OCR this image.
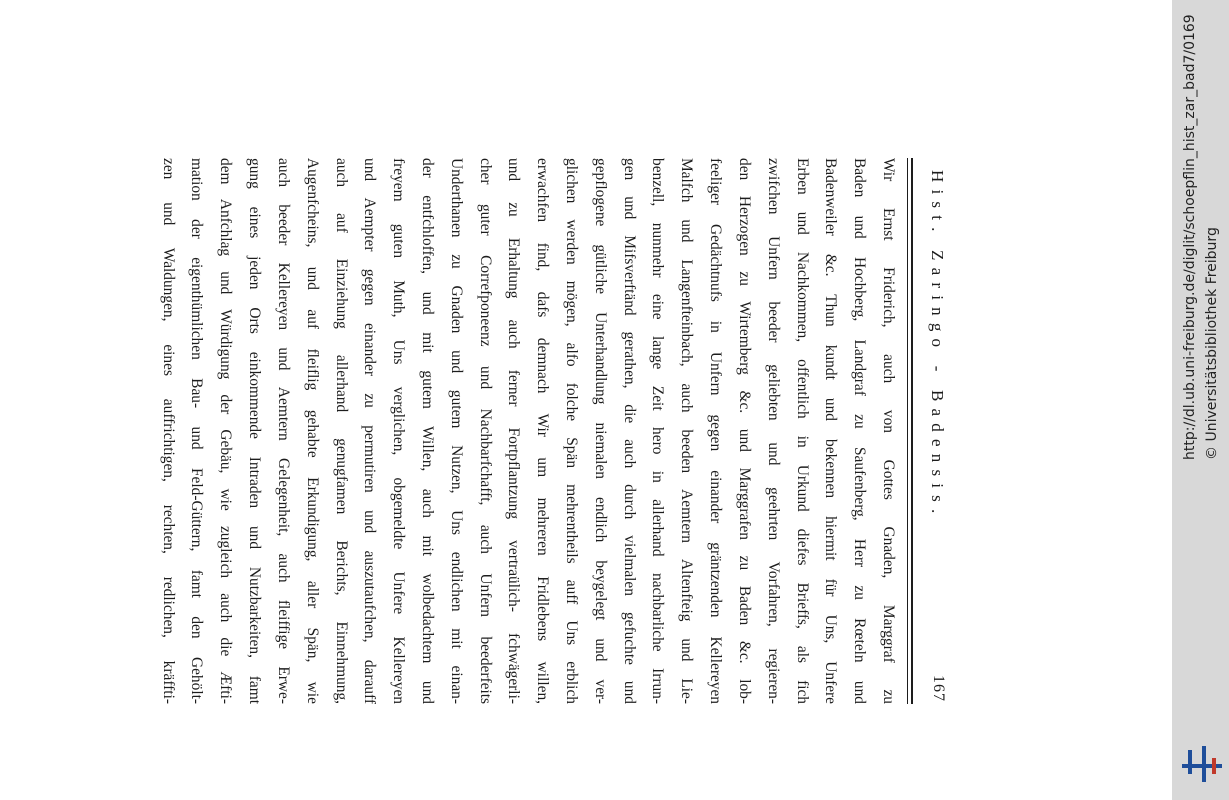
Hist. Zaringo - Badensis.
167
Wir Ernst Friderich, auch von Gottes Gnaden, Marggraf zu
Baden und Hochberg, Landgraf zu Saufenberg, Herr zu Rœteln und
Badenweiler &c. Thun kundt und bekennen hiermit für Uns, Unfere
Erben und Nachkommen, offentlich in Urkund diefes Brieffs, als fich
zwifchen Unfern beeder geliebten und geehrten Vorfahren, regieren-
den Herzogen zu Wirtemberg &c. und Marggrafen zu Baden &c. lob-
feeliger Gedächtnufs in Unfern gegen einander gräntzenden Kellereyen
Malfch und Langenfteinbach, auch beeden Aemtern Altenfteig und Lie-
benzell, nunmehr eine lange Zeit hero in allerhand nachbarliche Irrun-
gen und Mifsverftänd gerathen, die auch durch vielmalen gefuchte und
gepflogene gütliche Unterhandlung niemalen endlich beygelegt und ver-
glichen werden mögen, alfo folche Spän mehrentheils auff Uns erblich
erwachfen find, dafs demnach Wir um mehreren Fridlebens willen,
und zu Erhaltung auch ferner Fortpflantzung vertraülich- fchwägerli-
cher guter Correfponeenz und Nachbarfchafft, auch Unfern beederfeits
Underthanen zu Gnaden und gutem Nutzen, Uns endlichen mit einan-
der entfchloffen, und mit gutem Willen, auch mit wolbedachtem und
freyem guten Muth, Uns verglichen, obgemeldte Unfere Kellereyen
und Aempter gegen einander zu permutiren und auszutaufchen, darauff
auch auf Einziehung allerhand genugfamen Berichts, Einnehmung,
Augenfcheins, und auf fleiflig gehabte Erkundigung, aller Spän, wie
auch beeder Kellereyen und Aemtern Gelegenheit, auch fleiffige Erwe-
gung eines jeden Orts einkommende Intraden und Nutzbarkeiten, famt
dem Anfchlag und Würdigung der Gebäu, wie zugleich auch die Æfti-
mation der eigenthümlichen Bau- und Feld-Güttern, famt den Gehölt-
zen und Waldungen, eines auffrichtigen, rechten, redlichen, kräffti-	http://dl.ub.uni-freiburg.de/diglit/schoepflin_hist_zar_bad7/0169 © Universitätsbibliothek Freiburg
